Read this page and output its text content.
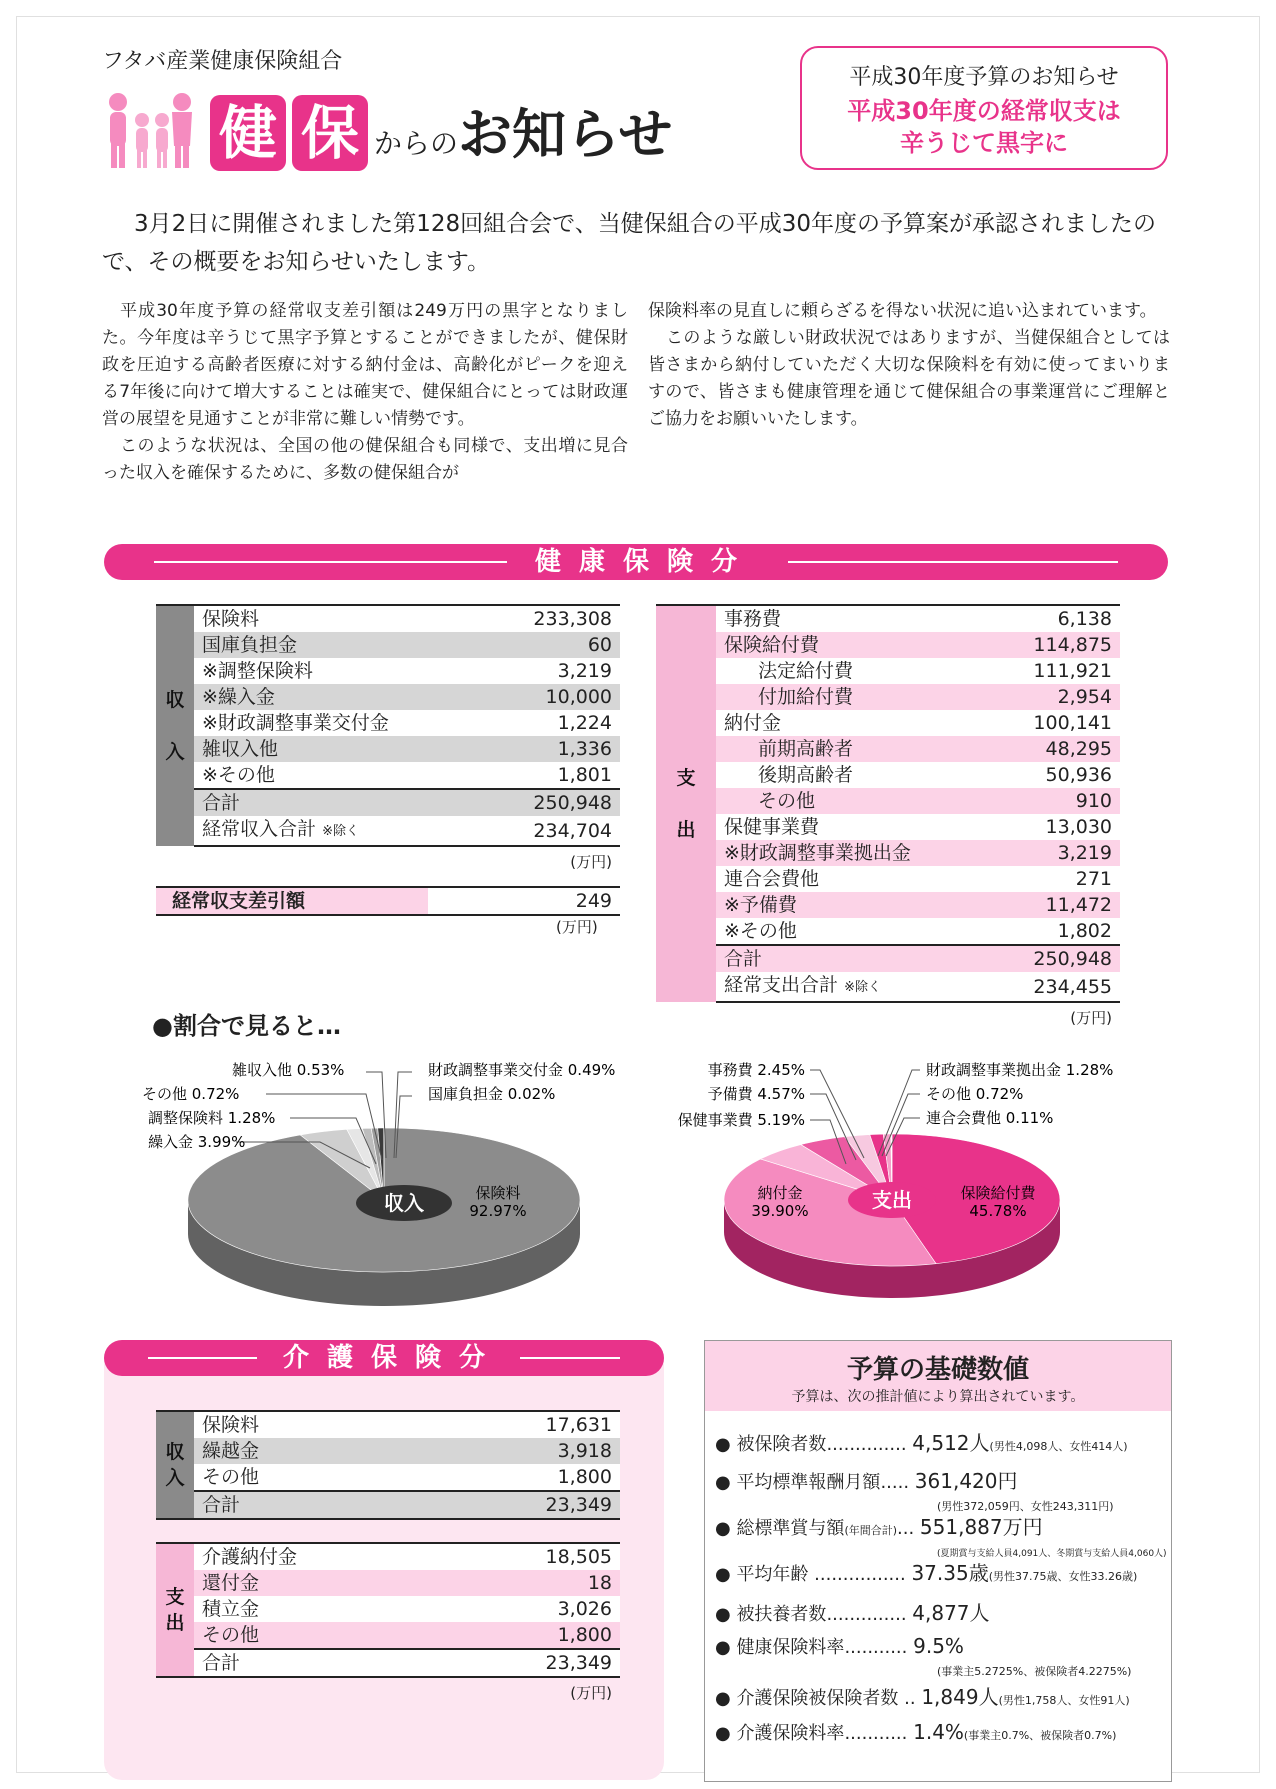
フタバ産業健康保険組合
健 保 からのお知らせ
平成30年度予算のお知らせ
平成30年度の経常収支は
辛うじて黒字に
3月2日に開催されました第128回組合会で、当健保組合の平成30年度の予算案が承認されましたので、その概要をお知らせいたします。

平成30年度予算の経常収支差引額は249万円の黒字となりました。今年度は辛うじて黒字予算とすることができましたが、健保財政を圧迫する高齢者医療に対する納付金は、高齢化がピークを迎える7年後に向けて増大することは確実で、健保組合にとっては財政運営の展望を見通すことが非常に難しい情勢です。

このような状況は、全国の他の健保組合も同様で、支出増に見合った収入を確保するために、多数の健保組合が

保険料率の見直しに頼らざるを得ない状況に追い込まれています。

このような厳しい財政状況ではありますが、当健保組合としては皆さまから納付していただく大切な保険料を有効に使ってまいりますので、皆さまも健康管理を通じて健保組合の事業運営にご理解とご協力をお願いいたします。

健康保険分
収

入	保険料	233,308
	国庫負担金	60
	※調整保険料	3,219
	※繰入金	10,000
	※財政調整事業交付金	1,224
	雑収入他	1,336
	※その他	1,801
	合計	250,948
	経常収入合計 ※除く	234,704
(万円)
経常収支差引額	249
(万円)
支

出	事務費	6,138
	保険給付費	114,875
	法定給付費	111,921
	付加給付費	2,954
	納付金	100,141
	前期高齢者	48,295
	後期高齢者	50,936
	その他	910
	保健事業費	13,030
	※財政調整事業拠出金	3,219
	連合会費他	271
	※予備費	11,472
	※その他	1,802
	合計	250,948
	経常支出合計 ※除く	234,455
(万円)
●割合で見ると…
収入	保険料
92.97%
繰入金 3.99%
調整保険料 1.28%
その他 0.72%
雑収入他 0.53%	財政調整事業交付金 0.49%
国庫負担金 0.02%
支出	保険給付費
45.78%
納付金
39.90%
事務費 2.45%
予備費 4.57%
保健事業費 5.19%
財政調整事業拠出金 1.28%
その他 0.72%
連合会費他 0.11%
介護保険分
収
入	保険料	17,631
	繰越金	3,918
	その他	1,800
	合計	23,349
支
出	介護納付金	18,505
	還付金	18
	積立金	3,026
	その他	1,800
	合計	23,349
(万円)
予算の基礎数値
予算は、次の推計値により算出されています。
● 被保険者数.............. 4,512人(男性4,098人、女性414人)
● 平均標準報酬月額..... 361,420円
(男性372,059円、女性243,311円)
● 総標準賞与額(年間合計)... 551,887万円
(夏期賞与支給人員4,091人、冬期賞与支給人員4,060人)
● 平均年齢 ................ 37.35歳(男性37.75歳、女性33.26歳)
● 被扶養者数.............. 4,877人
● 健康保険料率........... 9.5%
(事業主5.2725%、被保険者4.2275%)
● 介護保険被保険者数 .. 1,849人(男性1,758人、女性91人)
● 介護保険料率........... 1.4%(事業主0.7%、被保険者0.7%)
